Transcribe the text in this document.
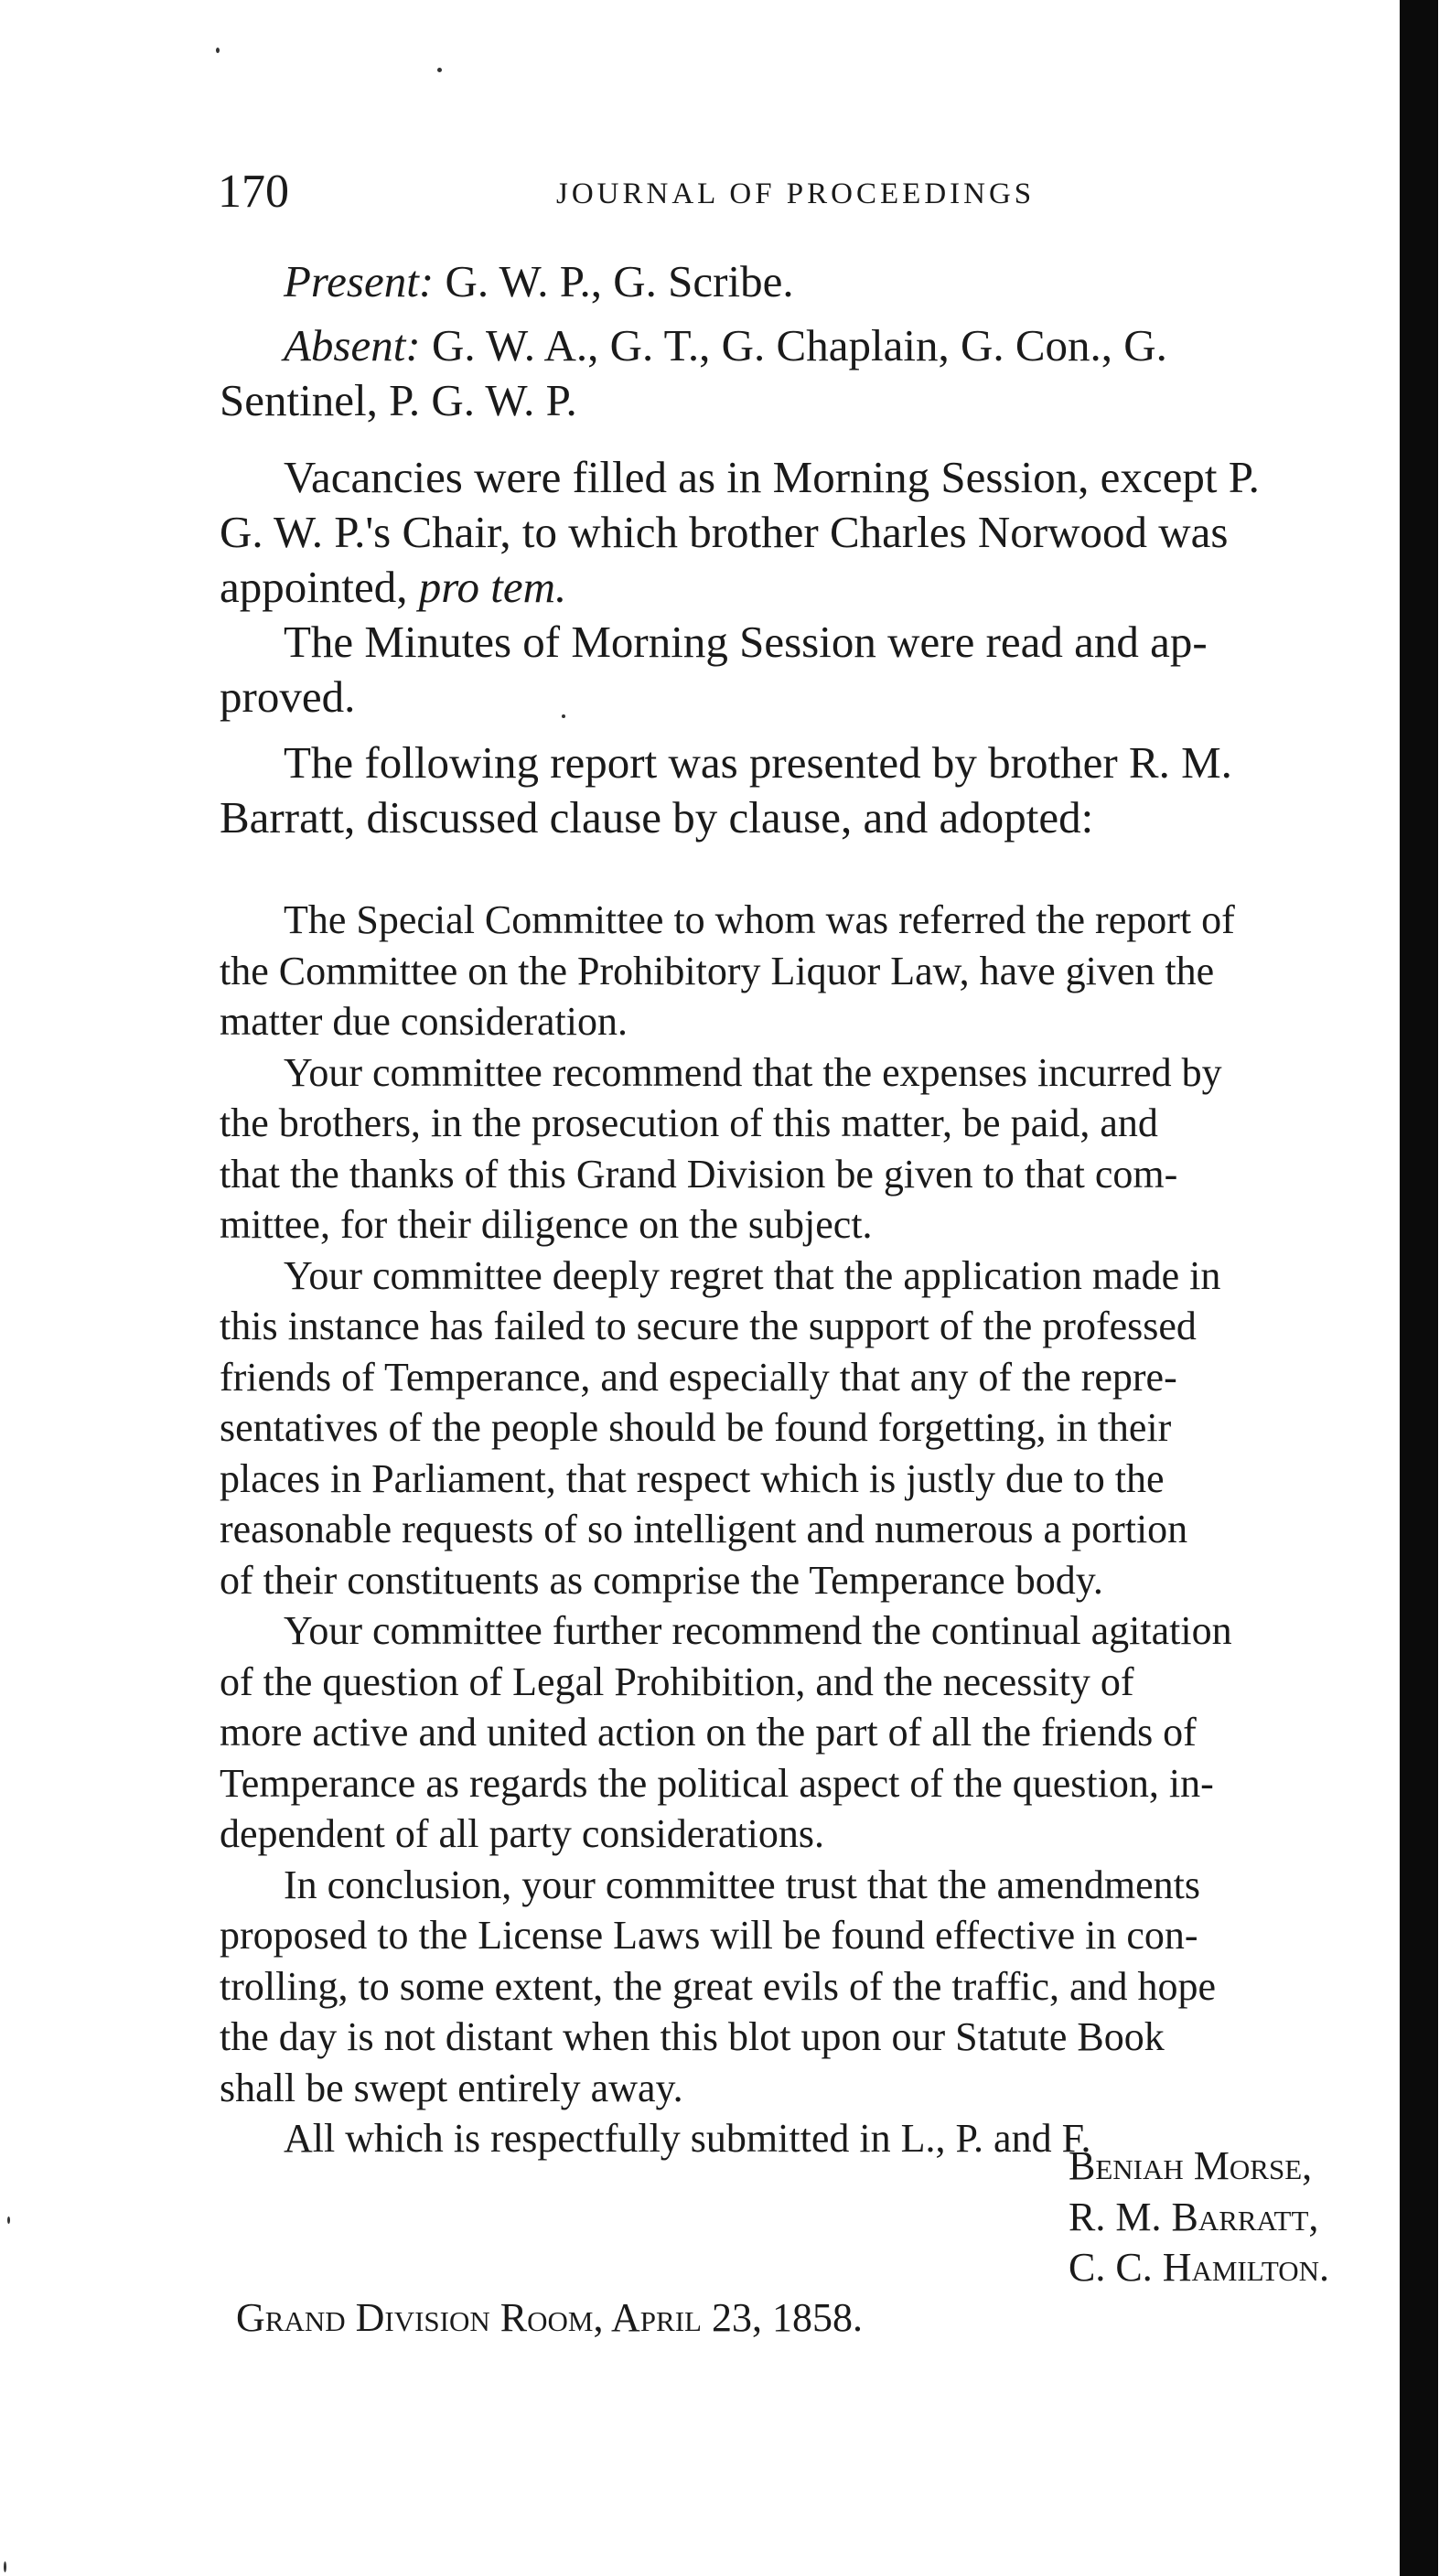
170	JOURNAL OF PROCEEDINGS
Present: G. W. P., G. Scribe.
Absent: G. W. A., G. T., G. Chaplain, G. Con., G.
Sentinel, P. G. W. P.
Vacancies were filled as in Morning Session, except P.
G. W. P.'s Chair, to which brother Charles Norwood was
appointed, pro tem.
The Minutes of Morning Session were read and ap-
proved.
The following report was presented by brother R. M.
Barratt, discussed clause by clause, and adopted:
The Special Committee to whom was referred the report of
the Committee on the Prohibitory Liquor Law, have given the
matter due consideration.
Your committee recommend that the expenses incurred by
the brothers, in the prosecution of this matter, be paid, and
that the thanks of this Grand Division be given to that com-
mittee, for their diligence on the subject.
Your committee deeply regret that the application made in
this instance has failed to secure the support of the professed
friends of Temperance, and especially that any of the repre-
sentatives of the people should be found forgetting, in their
places in Parliament, that respect which is justly due to the
reasonable requests of so intelligent and numerous a portion
of their constituents as comprise the Temperance body.
Your committee further recommend the continual agitation
of the question of Legal Prohibition, and the necessity of
more active and united action on the part of all the friends of
Temperance as regards the political aspect of the question, in-
dependent of all party considerations.
In conclusion, your committee trust that the amendments
proposed to the License Laws will be found effective in con-
trolling, to some extent, the great evils of the traffic, and hope
the day is not distant when this blot upon our Statute Book
shall be swept entirely away.
All which is respectfully submitted in L., P. and F.
Beniah Morse,
R. M. Barratt,
C. C. Hamilton.
Grand Division Room, April 23, 1858.
